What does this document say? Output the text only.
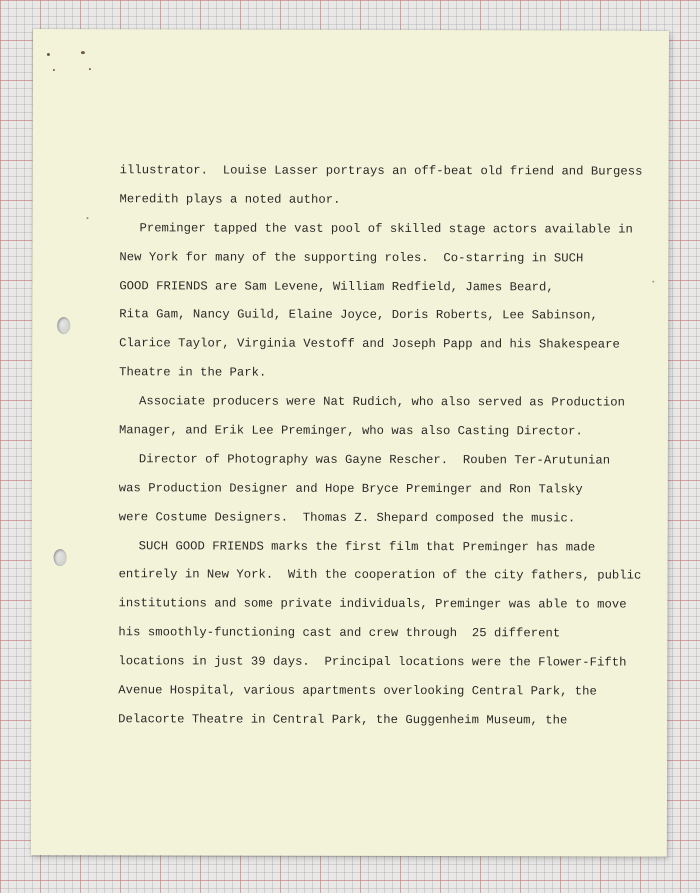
illustrator.  Louise Lasser portrays an off-beat old friend and Burgess
Meredith plays a noted author.
Preminger tapped the vast pool of skilled stage actors available in
New York for many of the supporting roles.  Co-starring in SUCH
GOOD FRIENDS are Sam Levene, William Redfield, James Beard,
Rita Gam, Nancy Guild, Elaine Joyce, Doris Roberts, Lee Sabinson,
Clarice Taylor, Virginia Vestoff and Joseph Papp and his Shakespeare
Theatre in the Park.
Associate producers were Nat Rudich, who also served as Production
Manager, and Erik Lee Preminger, who was also Casting Director.
Director of Photography was Gayne Rescher.  Rouben Ter-Arutunian
was Production Designer and Hope Bryce Preminger and Ron Talsky
were Costume Designers.  Thomas Z. Shepard composed the music.
SUCH GOOD FRIENDS marks the first film that Preminger has made
entirely in New York.  With the cooperation of the city fathers, public
institutions and some private individuals, Preminger was able to move
his smoothly-functioning cast and crew through  25 different
locations in just 39 days.  Principal locations were the Flower-Fifth
Avenue Hospital, various apartments overlooking Central Park, the
Delacorte Theatre in Central Park, the Guggenheim Museum, the
